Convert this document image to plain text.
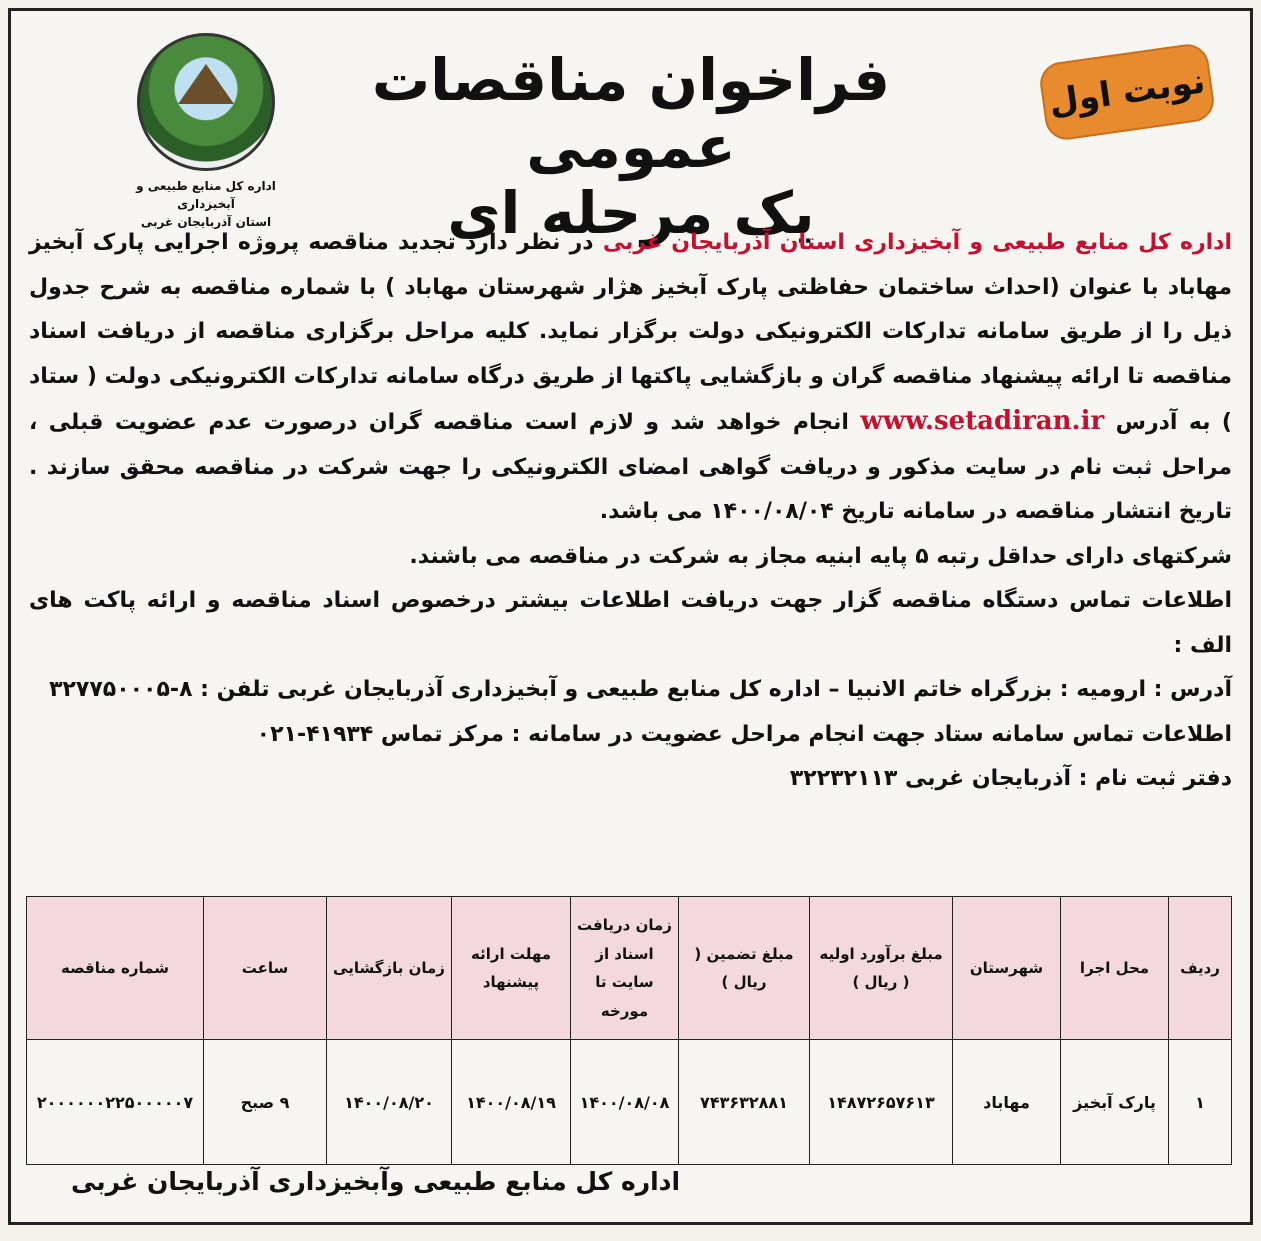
نوبت اول
فراخوان مناقصات عمومی
یک مرحله ای
اداره کل منابع طبیعی و آبخیزداری
استان آذربایجان غربی

اداره کل منابع طبیعی و آبخیزداری استان آذربایجان غربی در نظر دارد تجدید مناقصه پروژه اجرایی پارک آبخیز مهاباد با عنوان (احداث ساختمان حفاظتی پارک آبخیز هژار شهرستان مهاباد ) با شماره مناقصه به شرح جدول ذیل را از طریق سامانه تدارکات الکترونیکی دولت برگزار نماید. کلیه مراحل برگزاری مناقصه از دریافت اسناد مناقصه تا ارائه پیشنهاد مناقصه گران و بازگشایی پاکتها از طریق درگاه سامانه تدارکات الکترونیکی دولت ( ستاد ) به آدرس www.setadiran.ir انجام خواهد شد و لازم است مناقصه گران درصورت عدم عضویت قبلی ، مراحل ثبت نام در سایت مذکور و دریافت گواهی امضای الکترونیکی را جهت شرکت در مناقصه محقق سازند . تاریخ انتشار مناقصه در سامانه تاریخ ۱۴۰۰/۰۸/۰۴ می باشد.

شرکتهای دارای حداقل رتبه ۵ پایه ابنیه مجاز به شرکت در مناقصه می باشند.

اطلاعات تماس دستگاه مناقصه گزار جهت دریافت اطلاعات بیشتر درخصوص اسناد مناقصه و ارائه پاکت های الف :

آدرس : ارومیه : بزرگراه خاتم الانبیا – اداره کل منابع طبیعی و آبخیزداری آذربایجان غربی تلفن : ۸-۳۲۷۷۵۰۰۰۵

اطلاعات تماس سامانه ستاد جهت انجام مراحل عضویت در سامانه : مرکز تماس ۴۱۹۳۴-۰۲۱

دفتر ثبت نام : آذربایجان غربی ۳۲۲۳۲۱۱۳

ردیف	محل اجرا	شهرستان	مبلغ برآورد اولیه ( ریال )	مبلغ تضمین ( ریال )	زمان دریافت اسناد از سایت تا مورخه	مهلت ارائه پیشنهاد	زمان بازگشایی	ساعت	شماره مناقصه
۱	پارک آبخیز	مهاباد	۱۴۸۷۲۶۵۷۶۱۳	۷۴۳۶۳۲۸۸۱	۱۴۰۰/۰۸/۰۸	۱۴۰۰/۰۸/۱۹	۱۴۰۰/۰۸/۲۰	۹ صبح	۲۰۰۰۰۰۰۲۲۵۰۰۰۰۰۷
اداره کل منابع طبیعی وآبخیزداری آذربایجان غربی
